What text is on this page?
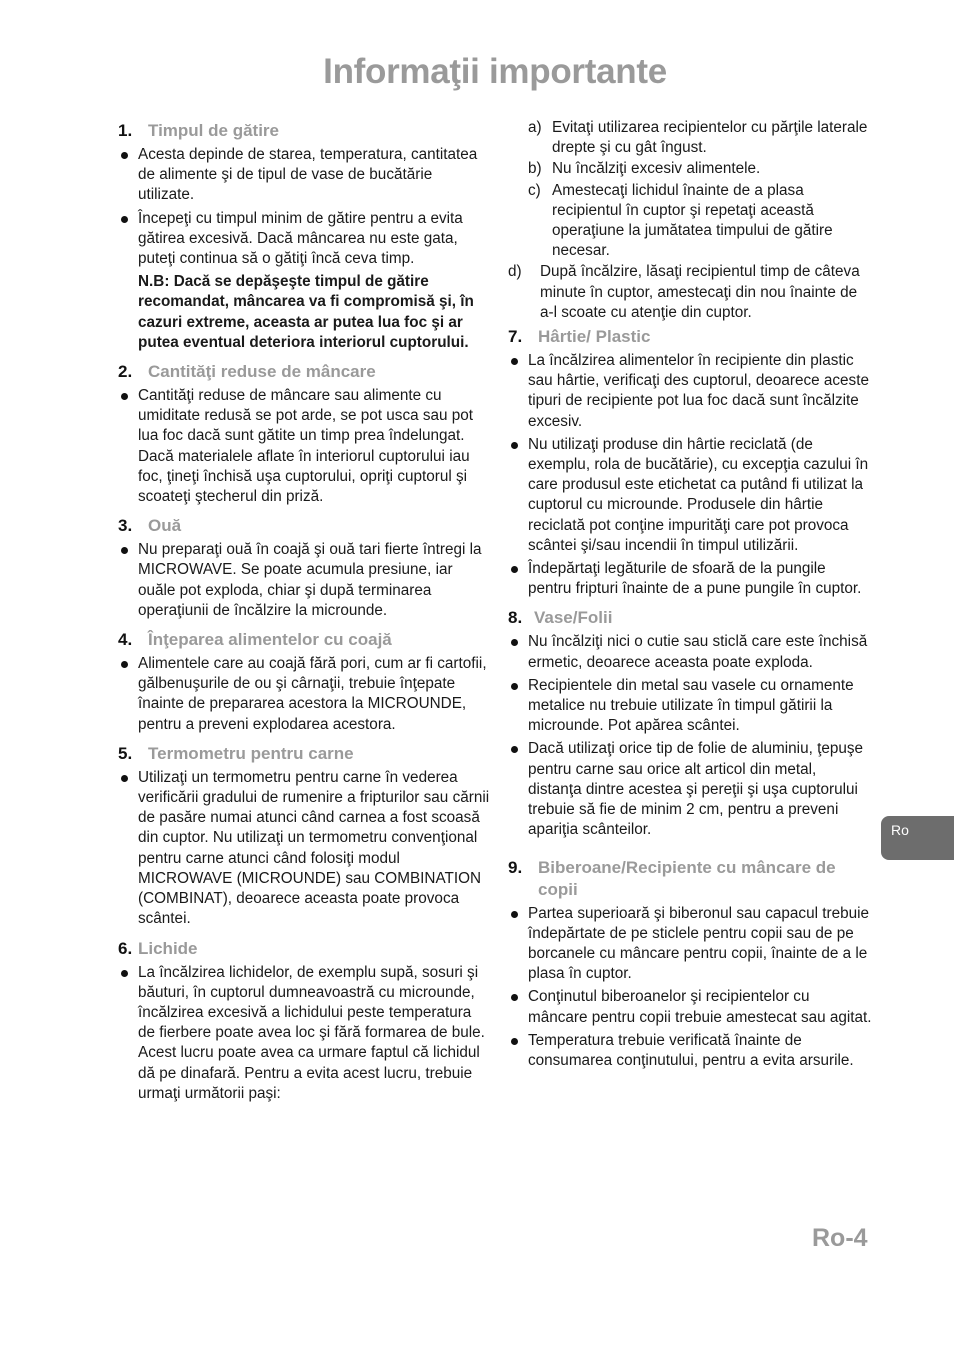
Informaţii importante
1. Timpul de gătire
Acesta depinde de starea, temperatura, cantitatea de alimente şi de tipul de vase de bucătărie utilizate.
Începeţi cu timpul minim de gătire pentru a evita gătirea excesivă. Dacă mâncarea nu este gata, puteţi continua să o gătiţi încă ceva timp.
N.B: Dacă se depăşeşte timpul de gătire recomandat, mâncarea va fi compromisă şi, în cazuri extreme, aceasta ar putea lua foc şi ar putea eventual deteriora interiorul cuptorului.
2. Cantităţi reduse de mâncare
Cantităţi reduse de mâncare sau alimente cu umiditate redusă se pot arde, se pot usca sau pot lua foc dacă sunt gătite un timp prea îndelungat. Dacă materialele aflate în interiorul cuptorului iau foc, ţineţi închisă uşa cuptorului, opriţi cuptorul şi scoateţi ştecherul din priză.
3. Ouă
Nu preparaţi ouă în coajă şi ouă tari fierte întregi la MICROWAVE. Se poate acumula presiune, iar ouăle pot exploda, chiar şi după terminarea operaţiunii de încălzire la microunde.
4. Înţeparea alimentelor cu coajă
Alimentele care au coajă fără pori, cum ar fi cartofii, gălbenuşurile de ou şi cârnaţii, trebuie înţepate înainte de prepararea acestora la MICROUNDE, pentru a preveni explodarea acestora.
5. Termometru pentru carne
Utilizaţi un termometru pentru carne în vederea verificării gradului de rumenire a fripturilor sau cărnii de pasăre numai atunci când carnea a fost scoasă din cuptor. Nu utilizaţi un termometru convenţional pentru carne atunci când folosiţi modul MICROWAVE (MICROUNDE) sau COMBINATION (COMBINAT), deoarece aceasta poate provoca scântei.
6. Lichide
La încălzirea lichidelor, de exemplu supă, sosuri şi băuturi, în cuptorul dumneavoastră cu microunde, încălzirea excesivă a lichidului peste temperatura de fierbere poate avea loc şi fără formarea de bule. Acest lucru poate avea ca urmare faptul că lichidul dă pe dinafară. Pentru a evita acest lucru, trebuie urmaţi următorii paşi:
a) Evitaţi utilizarea recipientelor cu părţile laterale drepte şi cu gât îngust.
b) Nu încălziţi excesiv alimentele.
c) Amestecaţi lichidul înainte de a plasa recipientul în cuptor şi repetaţi această operaţiune la jumătatea timpului de gătire necesar.
d)	După încălzire, lăsaţi recipientul timp de câteva minute în cuptor, amestecaţi din nou înainte de a-l scoate cu atenţie din cuptor.
7. Hârtie/ Plastic
La încălzirea alimentelor în recipiente din plastic sau hârtie, verificaţi des cuptorul, deoarece aceste tipuri de recipiente pot lua foc dacă sunt încălzite excesiv.
Nu utilizaţi produse din hârtie reciclată (de exemplu, rola de bucătărie), cu excepţia cazului în care produsul este etichetat ca putând fi utilizat la cuptorul cu microunde. Produsele din hârtie reciclată pot conţine impurităţi care pot provoca scântei şi/sau incendii în timpul utilizării.
Îndepărtaţi legăturile de sfoară de la pungile pentru fripturi înainte de a pune pungile în cuptor.
8. Vase/Folii
Nu încălziţi nici o cutie sau sticlă care este închisă ermetic, deoarece aceasta poate exploda.
Recipientele din metal sau vasele cu ornamente metalice nu trebuie utilizate în timpul gătirii la microunde. Pot apărea scântei.
Dacă utilizaţi orice tip de folie de aluminiu, ţepuşe pentru carne sau orice alt articol din metal, distanţa dintre acestea şi pereţii şi uşa cuptorului trebuie să fie de minim 2 cm, pentru a preveni apariţia scânteilor.
9. Biberoane/Recipiente cu mâncare de copii
Partea superioară şi biberonul sau capacul trebuie îndepărtate de pe sticlele pentru copii sau de pe borcanele cu mâncare pentru copii, înainte de a le plasa în cuptor.
Conţinutul biberoanelor şi recipientelor cu mâncare pentru copii trebuie amestecat sau agitat.
Temperatura trebuie verificată înainte de consumarea conţinutului, pentru a evita arsurile.
Ro
Ro-4
